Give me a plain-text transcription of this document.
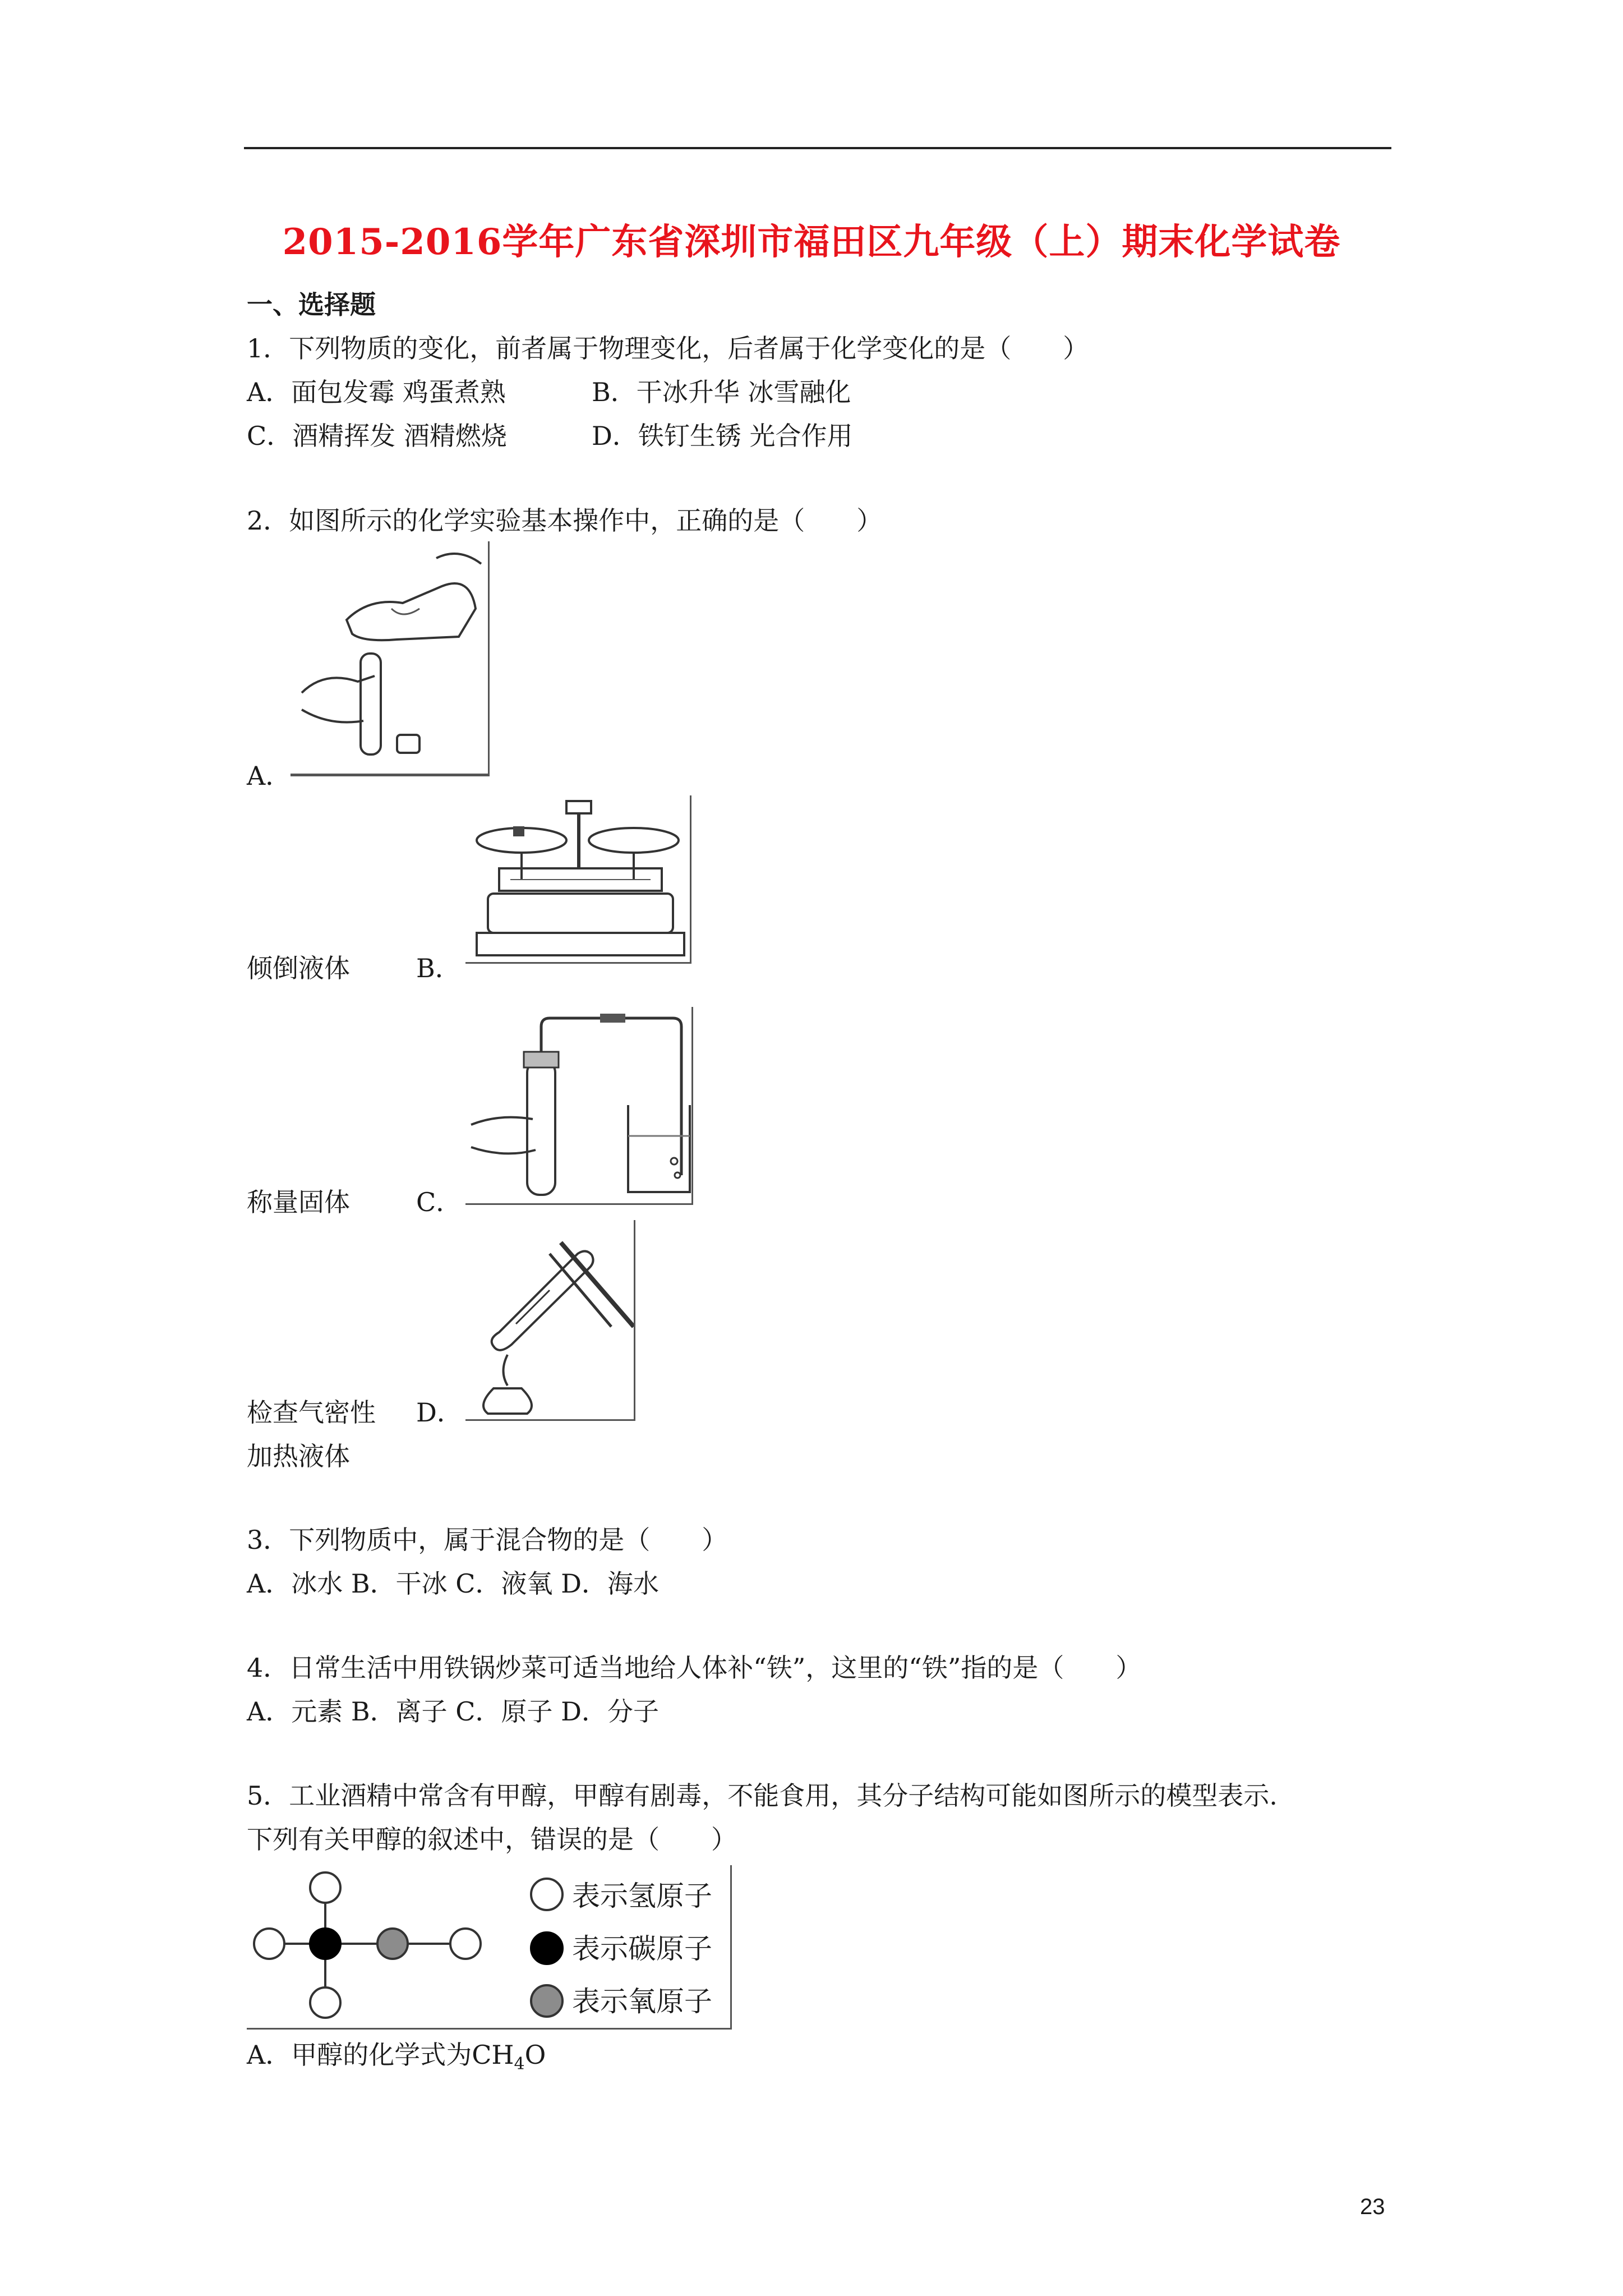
2015-2016学年广东省深圳市福田区九年级（上）期末化学试卷
一、选择题
1．下列物质的变化，前者属于物理变化，后者属于化学变化的是（　　）
A．面包发霉 鸡蛋煮熟	B．干冰升华 冰雪融化
C．酒精挥发 酒精燃烧	D．铁钉生锈 光合作用
2．如图所示的化学实验基本操作中，正确的是（　　）
A．
倾倒液体	B．
称量固体	C．
检查气密性 D．
加热液体
3．下列物质中，属于混合物的是（　　）
A．冰水 B．干冰 C．液氧 D．海水
4．日常生活中用铁锅炒菜可适当地给人体补“铁”，这里的“铁”指的是（　　）
A．元素 B．离子 C．原子 D．分子
5．工业酒精中常含有甲醇，甲醇有剧毒，不能食用，其分子结构可能如图所示的模型表示.
下列有关甲醇的叙述中，错误的是（　　）
表示氢原子
表示碳原子
表示氧原子
A．甲醇的化学式为$CH_4O$
23
